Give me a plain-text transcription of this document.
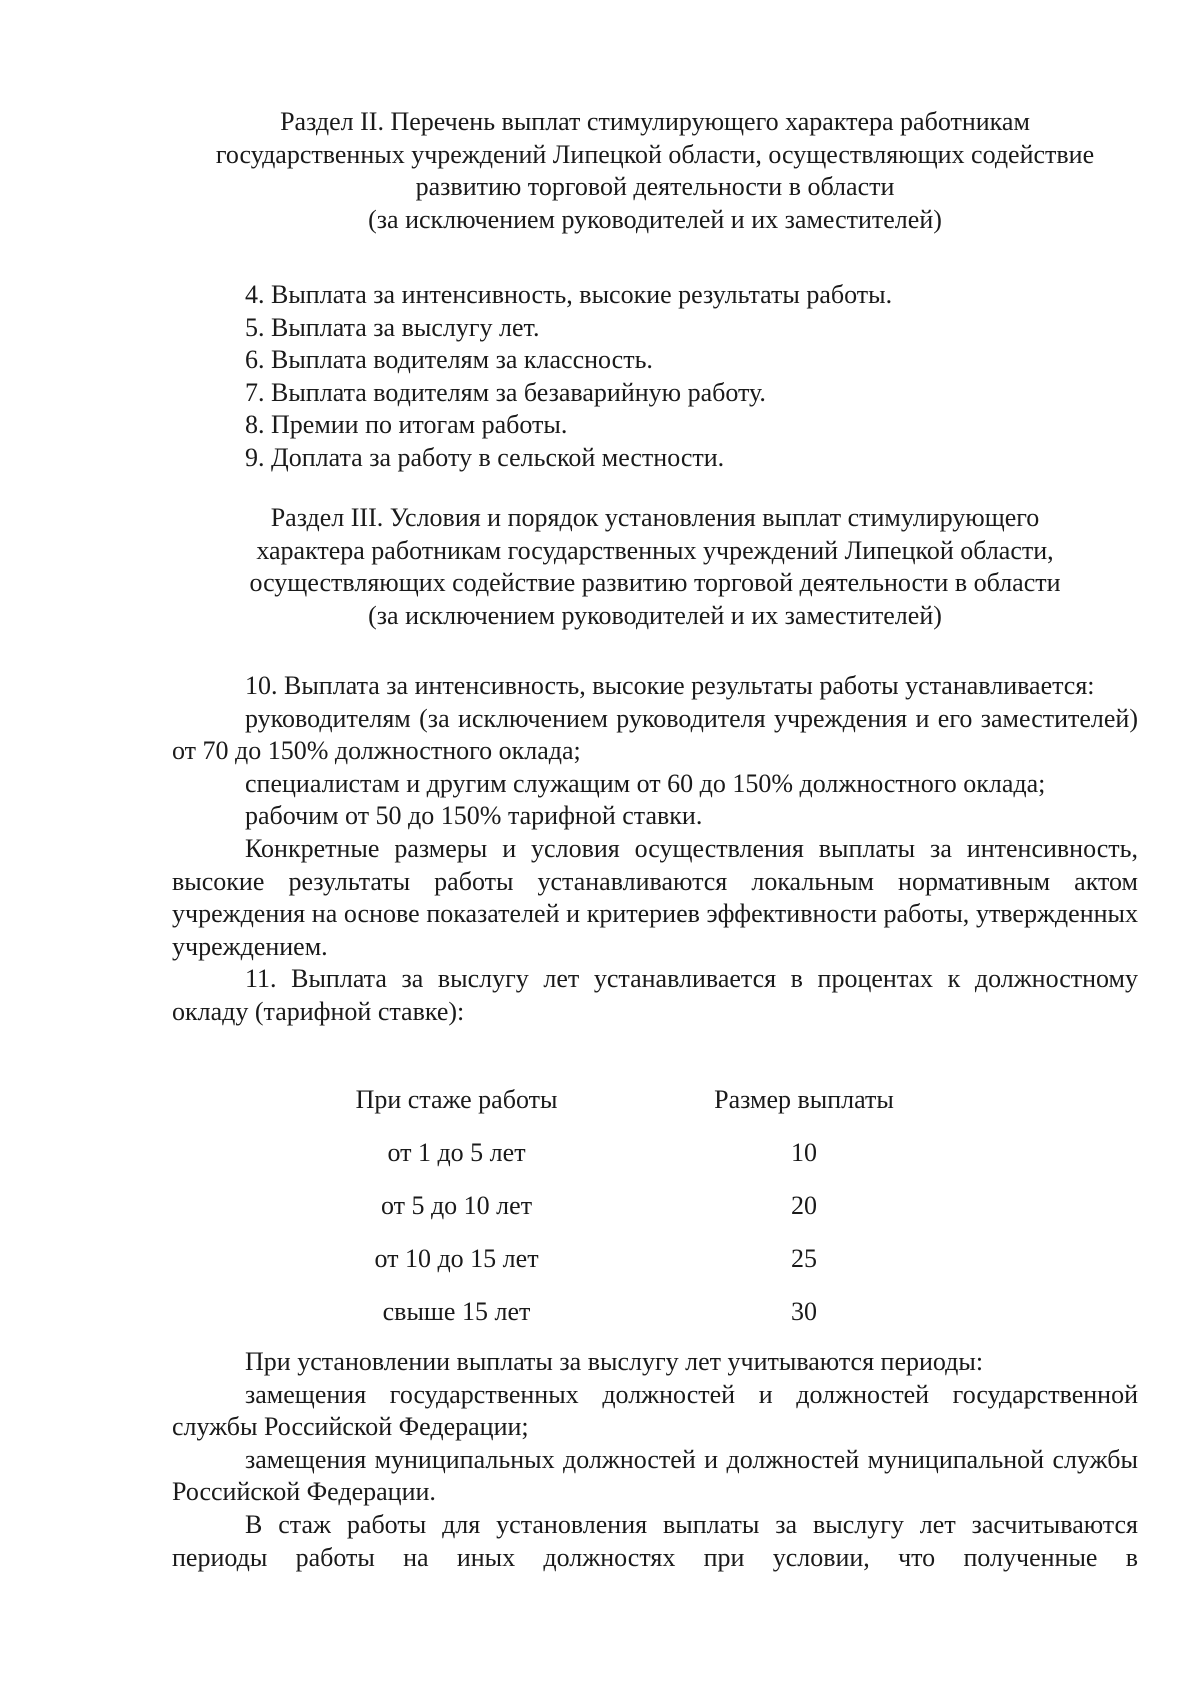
Раздел II. Перечень выплат стимулирующего характера работникам
государственных учреждений Липецкой области, осуществляющих содействие
развитию торговой деятельности в области
(за исключением руководителей и их заместителей)
4. Выплата за интенсивность, высокие результаты работы.
5. Выплата за выслугу лет.
6. Выплата водителям за классность.
7. Выплата водителям за безаварийную работу.
8. Премии по итогам работы.
9. Доплата за работу в сельской местности.
Раздел III. Условия и порядок установления выплат стимулирующего
характера работникам государственных учреждений Липецкой области,
осуществляющих содействие развитию торговой деятельности в области
(за исключением руководителей и их заместителей)

10. Выплата за интенсивность, высокие результаты работы устанавливается:

руководителям (за исключением руководителя учреждения и его заместителей) от 70 до 150% должностного оклада;

специалистам и другим служащим от 60 до 150% должностного оклада;

рабочим от 50 до 150% тарифной ставки.

Конкретные размеры и условия осуществления выплаты за интенсивность, высокие результаты работы устанавливаются локальным нормативным актом учреждения на основе показателей и критериев эффективности работы, утвержденных учреждением.

11. Выплата за выслугу лет устанавливается в процентах к должностному окладу (тарифной ставке):

При стаже работы	Размер выплаты
от 1 до 5 лет	10
от 5 до 10 лет	20
от 10 до 15 лет	25
свыше 15 лет	30

При установлении выплаты за выслугу лет учитываются периоды:

замещения государственных должностей и должностей государственной службы Российской Федерации;

замещения муниципальных должностей и должностей муниципальной службы Российской Федерации.

В стаж работы для установления выплаты за выслугу лет засчитываются периоды работы на иных должностях при условии, что полученные в
